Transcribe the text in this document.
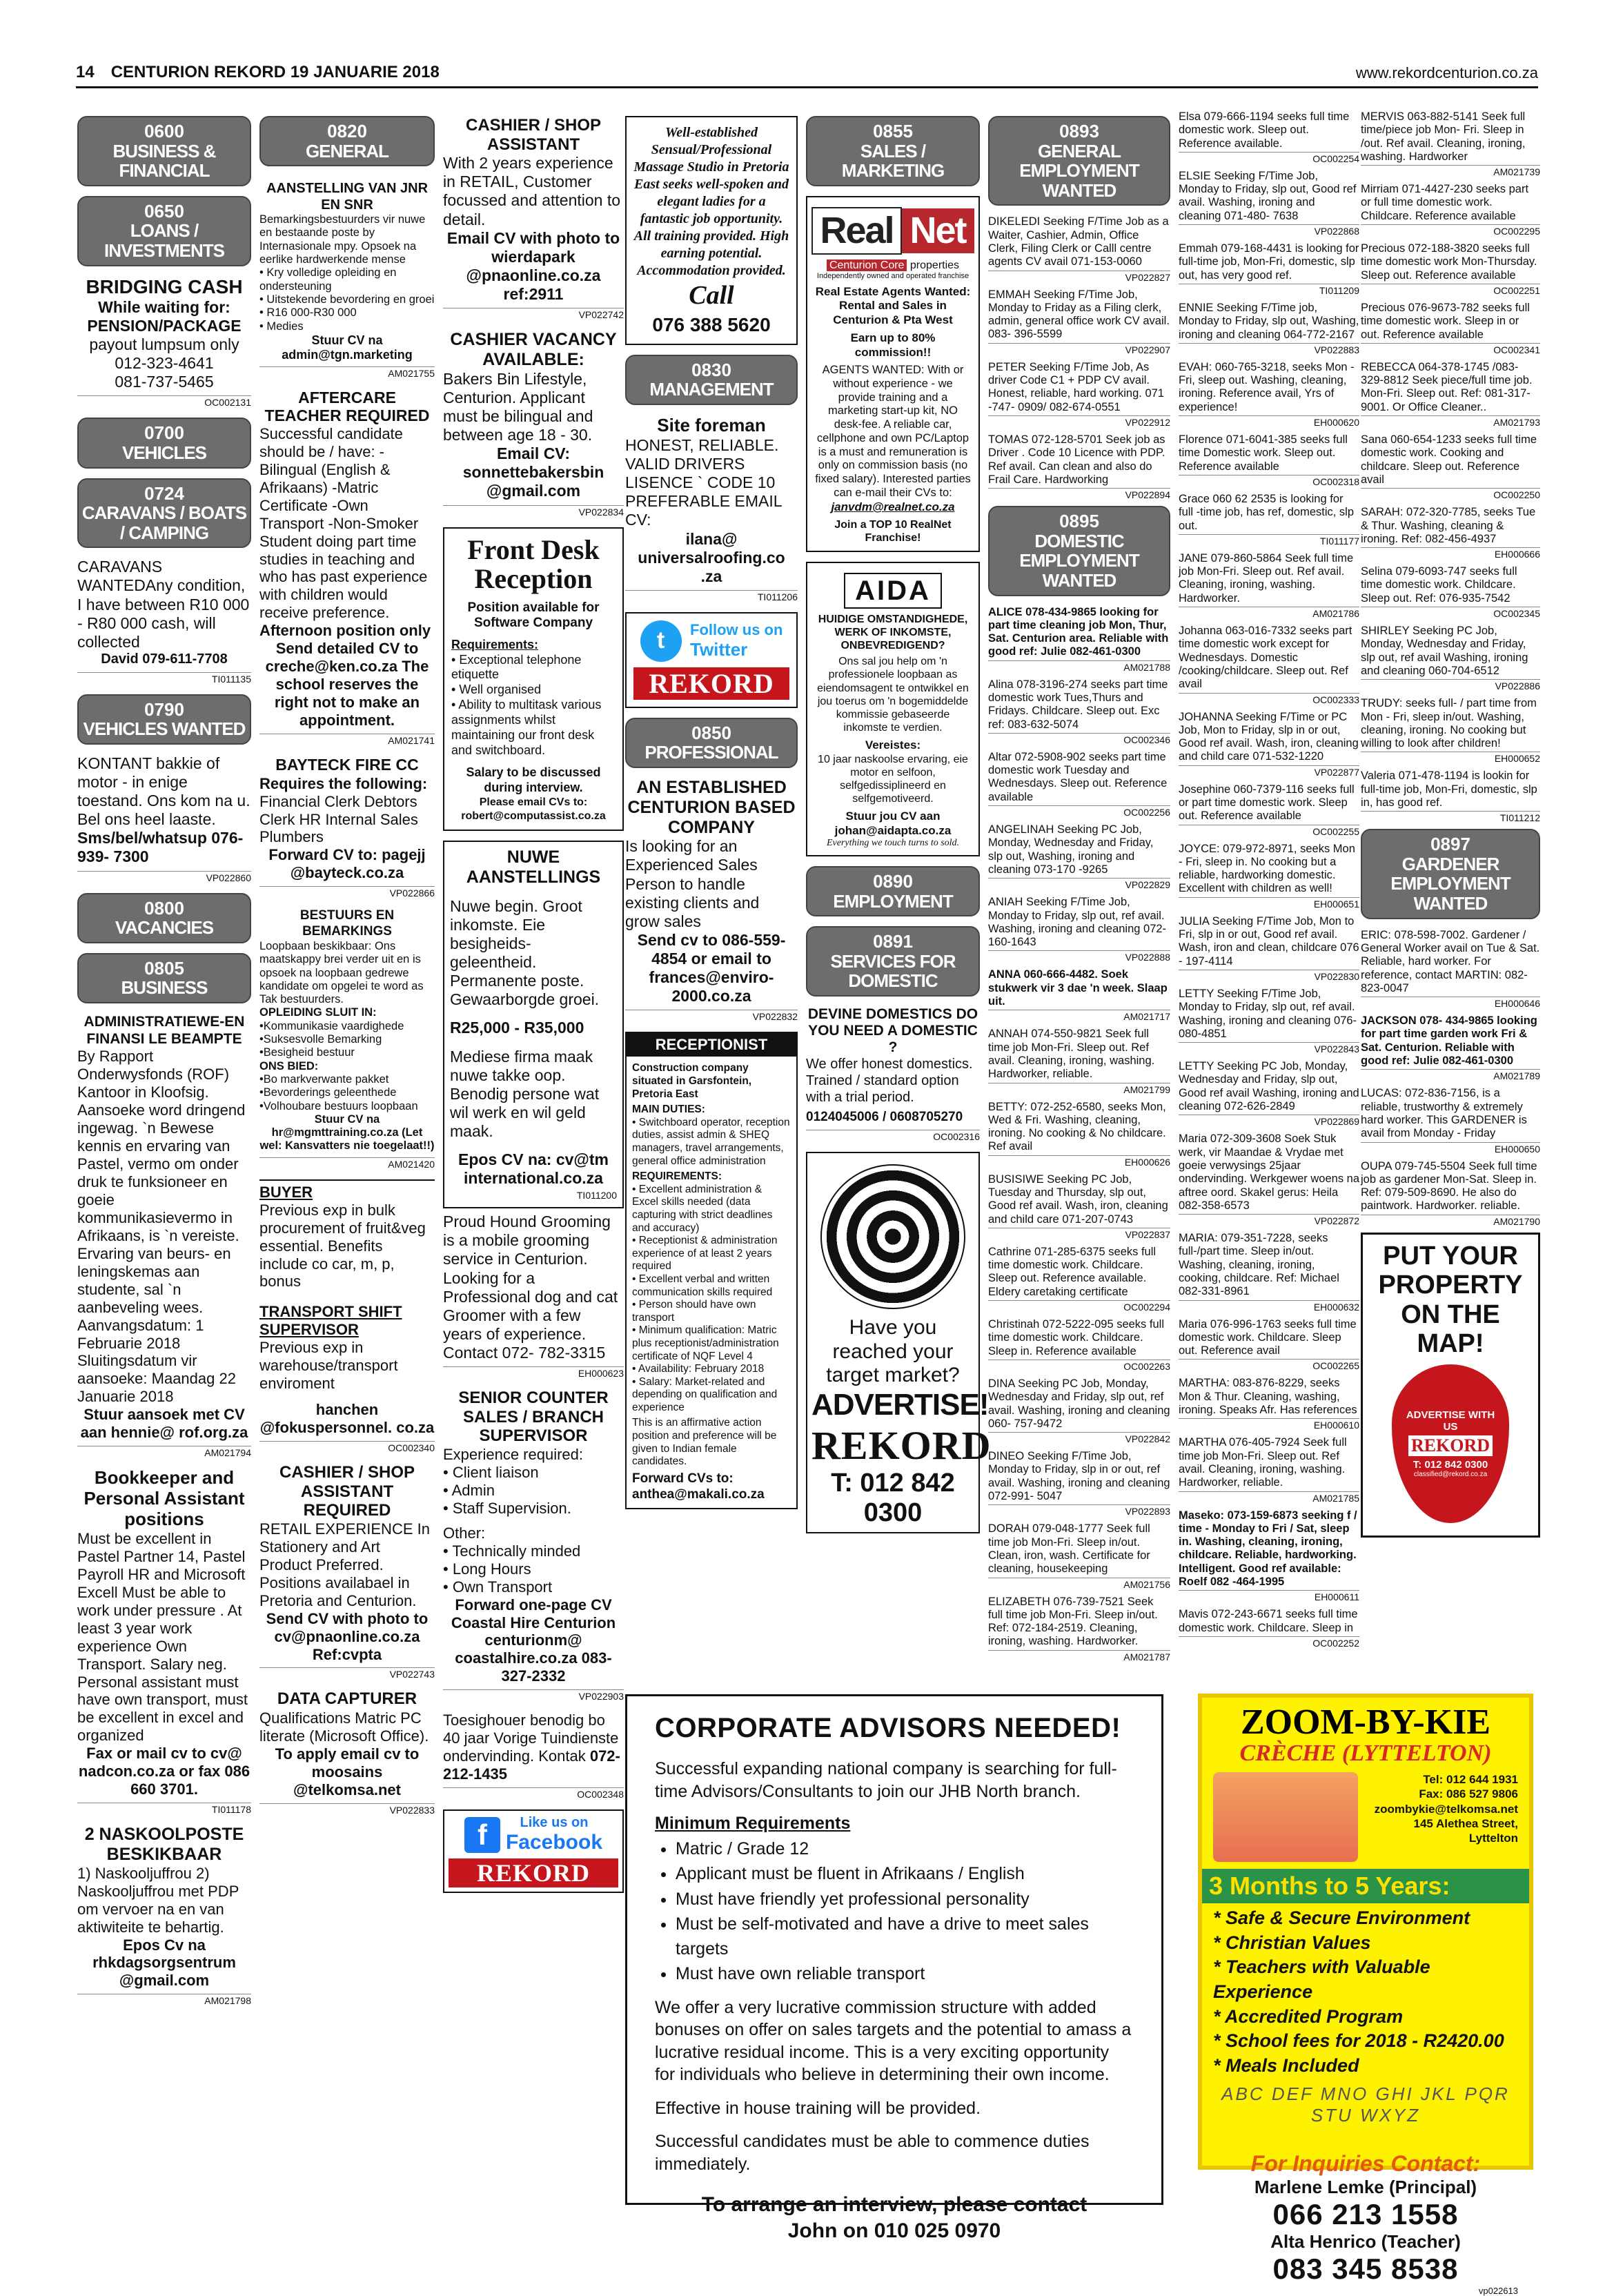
14 CENTURION REKORD 19 JANUARIE 2018	www.rekordcenturion.co.za
0600
BUSINESS & FINANCIAL
0650
LOANS / INVESTMENTS
BRIDGING CASH
While waiting for:
PENSION/PACKAGE
payout lumpsum only
012-323-4641
081-737-5465
OC002131
0700
VEHICLES
0724
CARAVANS / BOATS / CAMPING
CARAVANS WANTEDAny condition, I have between R10 000 - R80 000 cash, will collected
David 079-611-7708
TI011135
0790
VEHICLES WANTED
KONTANT bakkie of motor - in enige toestand. Ons kom na u. Bel ons heel laaste.
Sms/bel/whatsup 076-939- 7300
VP022860
0800
VACANCIES
0805
BUSINESS
ADMINISTRATIEWE-EN FINANSI LE BEAMPTE
By Rapport Onderwysfonds (ROF) Kantoor in Kloofsig. Aansoeke word dringend ingewag. `n Bewese kennis en ervaring van Pastel, vermo om onder druk te funksioneer en goeie kommunikasievermo in Afrikaans, is `n vereiste. Ervaring van beurs- en leningskemas aan studente, sal `n aanbeveling wees. Aanvangsdatum: 1 Februarie 2018 Sluitingsdatum vir aansoeke: Maandag 22 Januarie 2018
Stuur aansoek met CV aan hennie@ rof.org.za
AM021794
Bookkeeper and Personal Assistant positions
Must be excellent in Pastel Partner 14, Pastel Payroll HR and Microsoft Excell Must be able to work under pressure . At least 3 year work experience Own Transport. Salary neg. Personal assistant must have own transport, must be excellent in excel and organized
Fax or mail cv to cv@ nadcon.co.za or fax 086 660 3701.
TI011178
2 NASKOOLPOSTE BESKIKBAAR
1) Naskooljuffrou 2) Naskooljuffrou met PDP om vervoer na en van aktiwiteite te behartig.
Epos Cv na rhkdagsorgsentrum @gmail.com
AM021798
0820
GENERAL
AANSTELLING VAN JNR EN SNR
Bemarkingsbestuurders vir nuwe en bestaande poste by Internasionale mpy. Opsoek na eerlike hardwerkende mense
• Kry volledige opleiding en ondersteuning
• Uitstekende bevordering en groei
• R16 000-R30 000
• Medies
Stuur CV na admin@tgn.marketing
AM021755
AFTERCARE TEACHER REQUIRED
Successful candidate should be / have: -Bilingual (English & Afrikaans) -Matric Certificate -Own Transport -Non-Smoker Student doing part time studies in teaching and who has past experience with children would receive preference.
Afternoon position only
Send detailed CV to creche@ken.co.za The school reserves the right not to make an appointment.
AM021741
BAYTECK FIRE CC
Requires the following:
Financial Clerk Debtors Clerk HR Internal Sales Plumbers
Forward CV to: pagejj @bayteck.co.za
VP022866
BESTUURS EN BEMARKINGS
Loopbaan beskikbaar: Ons maatskappy brei verder uit en is opsoek na loopbaan gedrewe kandidate om opgelei te word as Tak bestuurders.
OPLEIDING SLUIT IN:
•Kommunikasie vaardighede •Suksesvolle Bemarking •Besigheid bestuur
ONS BIED:
•Bo markverwante pakket •Bevorderings geleenthede •Volhoubare bestuurs loopbaan
Stuur CV na hr@mgmttraining.co.za (Let wel: Kansvatters nie toegelaat!!)
AM021420
BUYER
Previous exp in bulk procurement of fruit&veg essential. Benefits include co car, m, p, bonus
TRANSPORT SHIFT SUPERVISOR
Previous exp in warehouse/transport enviroment
hanchen @fokuspersonnel. co.za
OC002340
CASHIER / SHOP ASSISTANT REQUIRED
RETAIL EXPERIENCE In Stationery and Art Product Preferred. Positions availabael in Pretoria and Centurion.
Send CV with photo to cv@pnaonline.co.za Ref:cvpta
VP022743
DATA CAPTURER
Qualifications Matric PC literate (Microsoft Office).
To apply email cv to moosains @telkomsa.net
VP022833
CASHIER / SHOP ASSISTANT
With 2 years experience in RETAIL, Customer focussed and attention to detail.
Email CV with photo to wierdapark @pnaonline.co.za ref:2911
VP022742
CASHIER VACANCY AVAILABLE:
Bakers Bin Lifestyle, Centurion. Applicant must be bilingual and between age 18 - 30.
Email CV: sonnettebakersbin @gmail.com
VP022834
Front Desk Reception
Position available for Software Company
Requirements:
• Exceptional telephone etiquette
• Well organised
• Ability to multitask various assignments whilst maintaining our front desk and switchboard.
Salary to be discussed during interview.
Please email CVs to: robert@computassist.co.za
NUWE AANSTELLINGS
Nuwe begin. Groot inkomste. Eie besigheids-geleentheid. Permanente poste. Gewaarborgde groei.
R25,000 - R35,000
Mediese firma maak nuwe takke oop. Benodig persone wat wil werk en wil geld maak.
Epos CV na: cv@tm international.co.za
TI011200
Proud Hound Grooming is a mobile grooming service in Centurion. Looking for a Professional dog and cat Groomer with a few years of experience. Contact 072- 782-3315
EH000623
SENIOR COUNTER SALES / BRANCH SUPERVISOR
Experience required:
• Client liaison
• Admin
• Staff Supervision.
Other:
• Technically minded
• Long Hours
• Own Transport
Forward one-page CV Coastal Hire Centurion centurionm@ coastalhire.co.za 083-327-2332
VP022903
Toesighouer benodig bo 40 jaar Vorige Tuindienste ondervinding. Kontak 072-212-1435
OC002348
f	Like us on
Facebook
REKORD
Well-established Sensual/Professional Massage Studio in Pretoria East seeks well-spoken and elegant ladies for a fantastic job opportunity. All training provided. High earning potential. Accommodation provided.
Call
076 388 5620
0830
MANAGEMENT
Site foreman
HONEST, RELIABLE. VALID DRIVERS LISENCE ` CODE 10 PREFERABLE EMAIL CV:
ilana@ universalroofing.co .za
TI011206
t Follow us on
Twitter
REKORD
0850
PROFESSIONAL
AN ESTABLISHED CENTURION BASED COMPANY
Is looking for an Experienced Sales Person to handle existing clients and grow sales
Send cv to 086-559-4854 or email to frances@enviro-2000.co.za
VP022832
RECEPTIONIST
Construction company situated in Garsfontein, Pretoria East
MAIN DUTIES:
• Switchboard operator, reception duties, assist admin & SHEQ managers, travel arrangements, general office administration
REQUIREMENTS:
• Excellent administration & Excel skills needed (data capturing with strict deadlines and accuracy)
• Receptionist & administration experience of at least 2 years required
• Excellent verbal and written communication skills required
• Person should have own transport
• Minimum qualification: Matric plus receptionist/administration certificate of NQF Level 4
• Availability: February 2018
• Salary: Market-related and depending on qualification and experience
This is an affirmative action position and preference will be given to Indian female candidates.
Forward CVs to: anthea@makali.co.za
0855
SALES / MARKETING
Real Net
Centurion Core properties
Independently owned and operated franchise
Real Estate Agents Wanted: Rental and Sales in Centurion & Pta West
Earn up to 80% commission!!
AGENTS WANTED: With or without experience - we provide training and a marketing start-up kit, NO desk-fee. A reliable car, cellphone and own PC/Laptop is a must and remuneration is only on commission basis (no fixed salary). Interested parties can e-mail their CVs to:
janvdm@realnet.co.za
Join a TOP 10 RealNet Franchise!
AIDA
HUIDIGE OMSTANDIGHEDE, WERK OF INKOMSTE, ONBEVREDIGEND?
Ons sal jou help om 'n professionele loopbaan as eiendomsagent te ontwikkel en jou toerus om 'n bogemiddelde kommissie gebaseerde inkomste te verdien.
Vereistes:
10 jaar naskoolse ervaring, eie motor en selfoon, selfgedissiplineerd en selfgemotiveerd.
Stuur jou CV aan johan@aidapta.co.za
Everything we touch turns to sold.
0890
EMPLOYMENT
0891
SERVICES FOR DOMESTIC
DEVINE DOMESTICS DO YOU NEED A DOMESTIC ?
We offer honest domestics. Trained / standard option with a trial period.
0124045006 / 0608705270
OC002316
Have you reached your target market?
ADVERTISE!
REKORD
T: 012 842 0300
0893
GENERAL EMPLOYMENT WANTED
DIKELEDI Seeking F/Time Job as a Waiter, Cashier, Admin, Office Clerk, Filing Clerk or Calll centre agents CV avail 071-153-0060
VP022827
EMMAH Seeking F/Time Job, Monday to Friday as a Filing clerk, admin, general office work CV avail. 083- 396-5599
VP022907
PETER Seeking F/Time Job, As driver Code C1 + PDP CV avail. Honest, reliable, hard working. 071 -747- 0909/ 082-674-0551
VP022912
TOMAS 072-128-5701 Seek job as Driver . Code 10 Licence with PDP. Ref avail. Can clean and also do Frail Care. Hardworking
VP022894
0895
DOMESTIC EMPLOYMENT WANTED
ALICE 078-434-9865 looking for part time cleaning job Mon, Thur, Sat. Centurion area. Reliable with good ref: Julie 082-461-0300
AM021788
Alina 078-3196-274 seeks part time domestic work Tues,Thurs and Fridays. Childcare. Sleep out. Exc ref: 083-632-5074
OC002346
Altar 072-5908-902 seeks part time domestic work Tuesday and Wednesdays. Sleep out. Reference available
OC002256
ANGELINAH Seeking PC Job, Monday, Wednesday and Friday, slp out, Washing, ironing and cleaning 073-170 -9265
VP022829
ANIAH Seeking F/Time Job, Monday to Friday, slp out, ref avail. Washing, ironing and cleaning 072-160-1643
VP022888
ANNA 060-666-4482. Soek stukwerk vir 3 dae 'n week. Slaap uit.
AM021717
ANNAH 074-550-9821 Seek full time job Mon-Fri. Sleep out. Ref avail. Cleaning, ironing, washing. Hardworker, reliable.
AM021799
BETTY: 072-252-6580, seeks Mon, Wed & Fri. Washing, cleaning, ironing. No cooking & No childcare. Ref avail
EH000626
BUSISIWE Seeking PC Job, Tuesday and Thursday, slp out, Good ref avail. Wash, iron, cleaning and child care 071-207-0743
VP022837
Cathrine 071-285-6375 seeks full time domestic work. Childcare. Sleep out. Reference available. Eldery caretaking certificate
OC002294
Christinah 072-5222-095 seeks full time domestic work. Childcare. Sleep in. Reference available
OC002263
DINA Seeking PC Job, Monday, Wednesday and Friday, slp out, ref avail. Washing, ironing and cleaning 060- 757-9472
VP022842
DINEO Seeking F/Time Job, Monday to Friday, slp in or out, ref avail. Washing, ironing and cleaning 072-991- 5047
VP022893
DORAH 079-048-1777 Seek full time job Mon-Fri. Sleep in/out. Clean, iron, wash. Certificate for cleaning, housekeeping
AM021756
ELIZABETH 076-739-7521 Seek full time job Mon-Fri. Sleep in/out. Ref: 072-184-2519. Cleaning, ironing, washing. Hardworker.
AM021787
Elsa 079-666-1194 seeks full time domestic work. Sleep out. Reference available.
OC002254
ELSIE Seeking F/Time Job, Monday to Friday, slp out, Good ref avail. Washing, ironing and cleaning 071-480- 7638
VP022868
Emmah 079-168-4431 is looking for full-time job, Mon-Fri, domestic, slp out, has very good ref.
TI011209
ENNIE Seeking F/Time job, Monday to Friday, slp out, Washing, ironing and cleaning 064-772-2167
VP022883
EVAH: 060-765-3218, seeks Mon - Fri, sleep out. Washing, cleaning, ironing. Reference avail, Yrs of experience!
EH000620
Florence 071-6041-385 seeks full time Domestic work. Sleep out. Reference available
OC002318
Grace 060 62 2535 is looking for full -time job, has ref, domestic, slp out.
TI011177
JANE 079-860-5864 Seek full time job Mon-Fri. Sleep out. Ref avail. Cleaning, ironing, washing. Hardworker.
AM021786
Johanna 063-016-7332 seeks part time domestic work except for Wednesdays. Domestic /cooking/childcare. Sleep out. Ref avail
OC002333
JOHANNA Seeking F/Time or PC Job, Mon to Friday, slp in or out, Good ref avail. Wash, iron, cleaning and child care 071-532-1220
VP022877
Josephine 060-7379-116 seeks full or part time domestic work. Sleep out. Reference available
OC002255
JOYCE: 079-972-8971, seeks Mon - Fri, sleep in. No cooking but a reliable, hardworking domestic. Excellent with children as well!
EH000651
JULIA Seeking F/Time Job, Mon to Fri, slp in or out, Good ref avail. Wash, iron and clean, childcare 076 - 197-4114
VP022830
LETTY Seeking F/Time Job, Monday to Friday, slp out, ref avail. Washing, ironing and cleaning 076-080-4851
VP022843
LETTY Seeking PC Job, Monday, Wednesday and Friday, slp out, Good ref avail Washing, ironing and cleaning 072-626-2849
VP022869
Maria 072-309-3608 Soek Stuk werk, vir Maandae & Vrydae met goeie verwysings 25jaar ondervinding. Werkgewer woens na aftree oord. Skakel gerus: Heila 082-358-6573
VP022872
MARIA: 079-351-7228, seeks full-/part time. Sleep in/out. Washing, cleaning, ironing, cooking, childcare. Ref: Michael 082-331-8961
EH000632
Maria 076-996-1763 seeks full time domestic work. Childcare. Sleep out. Reference avail
OC002265
MARTHA: 083-876-8229, seeks Mon & Thur. Cleaning, washing, ironing. Speaks Afr. Has references
EH000610
MARTHA 076-405-7924 Seek full time job Mon-Fri. Sleep out. Ref avail. Cleaning, ironing, washing. Hardworker, reliable.
AM021785
Maseko: 073-159-6873 seeking f / time - Monday to Fri / Sat, sleep in. Washing, cleaning, ironing, childcare. Reliable, hardworking. Intelligent. Good ref available: Roelf 082 -464-1995
EH000611
Mavis 072-243-6671 seeks full time domestic work. Childcare. Sleep in
OC002252
MERVIS 063-882-5141 Seek full time/piece job Mon- Fri. Sleep in /out. Ref avail. Cleaning, ironing, washing. Hardworker
AM021739
Mirriam 071-4427-230 seeks part or full time domestic work. Childcare. Reference available
OC002295
Precious 072-188-3820 seeks full time domestic work Mon-Thursday. Sleep out. Reference available
OC002251
Precious 076-9673-782 seeks full time domestic work. Sleep in or out. Reference available
OC002341
REBECCA 064-378-1745 /083-329-8812 Seek piece/full time job. Mon-Fri. Sleep out. Ref: 081-317-9001. Or Office Cleaner..
AM021793
Sana 060-654-1233 seeks full time domestic work. Cooking and childcare. Sleep out. Reference avail
OC002250
SARAH: 072-320-7785, seeks Tue & Thur. Washing, cleaning & ironing. Ref: 082-456-4937
EH000666
Selina 079-6093-747 seeks full time domestic work. Childcare. Sleep out. Ref: 076-935-7542
OC002345
SHIRLEY Seeking PC Job, Monday, Wednesday and Friday, slp out, ref avail Washing, ironing and cleaning 060-704-6512
VP022886
TRUDY: seeks full- / part time from Mon - Fri, sleep in/out. Washing, cleaning, ironing. No cooking but willing to look after children!
EH000652
Valeria 071-478-1194 is lookin for full-time job, Mon-Fri, domestic, slp in, has good ref.
TI011212
0897
GARDENER EMPLOYMENT WANTED
ERIC: 078-598-7002. Gardener / General Worker avail on Tue & Sat. Reliable, hard worker. For reference, contact MARTIN: 082-823-0047
EH000646
JACKSON 078- 434-9865 looking for part time garden work Fri & Sat. Centurion. Reliable with good ref: Julie 082-461-0300
AM021789
LUCAS: 072-836-7156, is a reliable, trustworthy & extremely hard worker. This GARDENER is avail from Monday - Friday
EH000650
OUPA 079-745-5504 Seek full time job as gardener Mon-Sat. Sleep in. Ref: 079-509-8690. He also do paintwork. Hardworker. reliable.
AM021790
PUT YOUR PROPERTY ON THE MAP!
ADVERTISE WITH US
REKORD
T: 012 842 0300
classified@rekord.co.za
CORPORATE ADVISORS NEEDED!

Successful expanding national company is searching for full-time Advisors/Consultants to join our JHB North branch.

Minimum Requirements
• Matric / Grade 12
• Applicant must be fluent in Afrikaans / English
• Must have friendly yet professional personality
• Must be self-motivated and have a drive to meet sales targets
• Must have own reliable transport

We offer a very lucrative commission structure with added bonuses on offer on sales targets and the potential to amass a lucrative residual income. This is a very exciting opportunity for individuals who believe in determining their own income.

Effective in house training will be provided.

Successful candidates must be able to commence duties immediately.

To arrange an interview, please contact
John on 010 025 0970
ZOOM-BY-KIE
CRÈCHE (LYTTELTON)
Tel: 012 644 1931
Fax: 086 527 9806
zoombykie@telkomsa.net
145 Alethea Street, Lyttelton
3 Months to 5 Years:
* Safe & Secure Environment
* Christian Values
* Teachers with Valuable Experience
* Accredited Program
* School fees for 2018 - R2420.00
* Meals Included
ABC DEF MNO GHI JKL PQR STU WXYZ
For Inquiries Contact:
Marlene Lemke (Principal)
066 213 1558
Alta Henrico (Teacher)
083 345 8538
vp022613
